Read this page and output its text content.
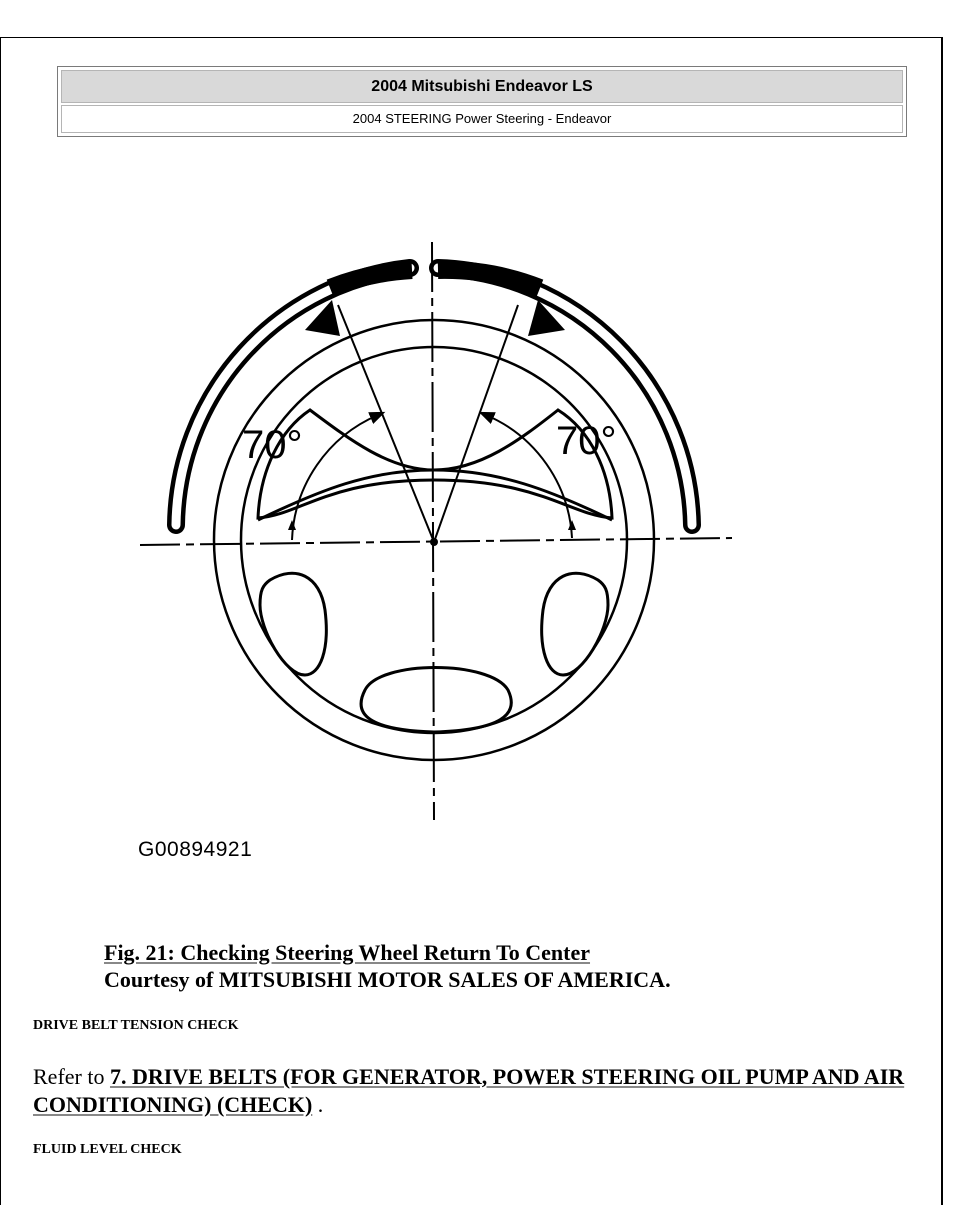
2004 Mitsubishi Endeavor LS
2004 STEERING Power Steering - Endeavor
70°	70°
G00894921
Fig. 21: Checking Steering Wheel Return To Center
Courtesy of MITSUBISHI MOTOR SALES OF AMERICA.
DRIVE BELT TENSION CHECK
Refer to 7. DRIVE BELTS (FOR GENERATOR, POWER STEERING OIL PUMP AND AIR CONDITIONING) (CHECK) .
FLUID LEVEL CHECK
